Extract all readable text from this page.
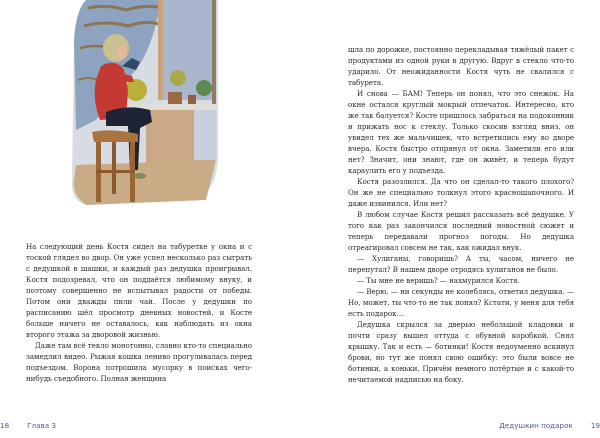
На следующий день Костя сидел на табуретке у окна и с тоской глядел во двор. Он уже успел несколько раз сыграть с дедушкой в шашки, и каждый раз дедушка проигрывал. Костя подозревал, что он поддаётся любимому внуку, и поэтому совершенно не испытывал радости от победы. Потом они дважды пили чай. После у дедушки по расписанию шёл просмотр дневных новостей, и Косте больше ничего не оставалось, как наблюдать из окна второго этажа за дворовой жизнью.

Даже там всё текло монотонно, словно кто-то специально замедлил видео. Рыжая кошка лениво прогуливалась перед подъездом. Ворона потрошила мусорку в поисках чего-нибудь съедобного. Полная женщина

18	Глава 3

шла по дорожке, постоянно перекладывая тяжёлый пакет с продуктами из одной руки в другую. Вдруг в стекло что-то ударило. От неожиданности Костя чуть не свалился с табурета.

И снова — БАМ! Теперь он понял, что это снежок. На окне остался круглый мокрый отпечаток. Интересно, кто же так балуется? Косте пришлось забраться на подоконник и прижать нос к стеклу. Только скосив взгляд вниз, он увидел тех же мальчишек, что встретились ему во дворе вчера. Костя быстро отпрянул от окна. Заметили его или нет? Значит, они знают, где он живёт, и теперь будут караулить его у подъезда.

Костя разозлился. Да что он сделал-то такого плохого? Он же не специально толкнул этого красношапочного. И даже извинился. Или нет?

В любом случае Костя решил рассказать всё дедушке. У того как раз закончился последний новостной сюжет и теперь передавали прогноз погоды. Но дедушка отреагировал совсем не так, как ожидал внук.

— Хулиганы, говоришь? А ты, часом, ничего не перепутал? В нашем дворе отродясь хулиганов не было.

— Ты мне не веришь? — нахмурился Костя.

— Верю, — ни секунды не колеблясь, ответил дедушка. — Но, может, ты что-то не так понял? Кстати, у меня для тебя есть подарок…

Дедушка скрылся за дверью небольшой кладовки и почти сразу вышел оттуда с обувной коробкой. Снял крышку. Так и есть — ботинки! Костя недоуменно вскинул брови, но тут же понял свою ошибку: это были вовсе не ботинки, а коньки. Причём немного потёртые и с какой-то нечитаемой надписью на боку.

Дедушкин подарок	19
